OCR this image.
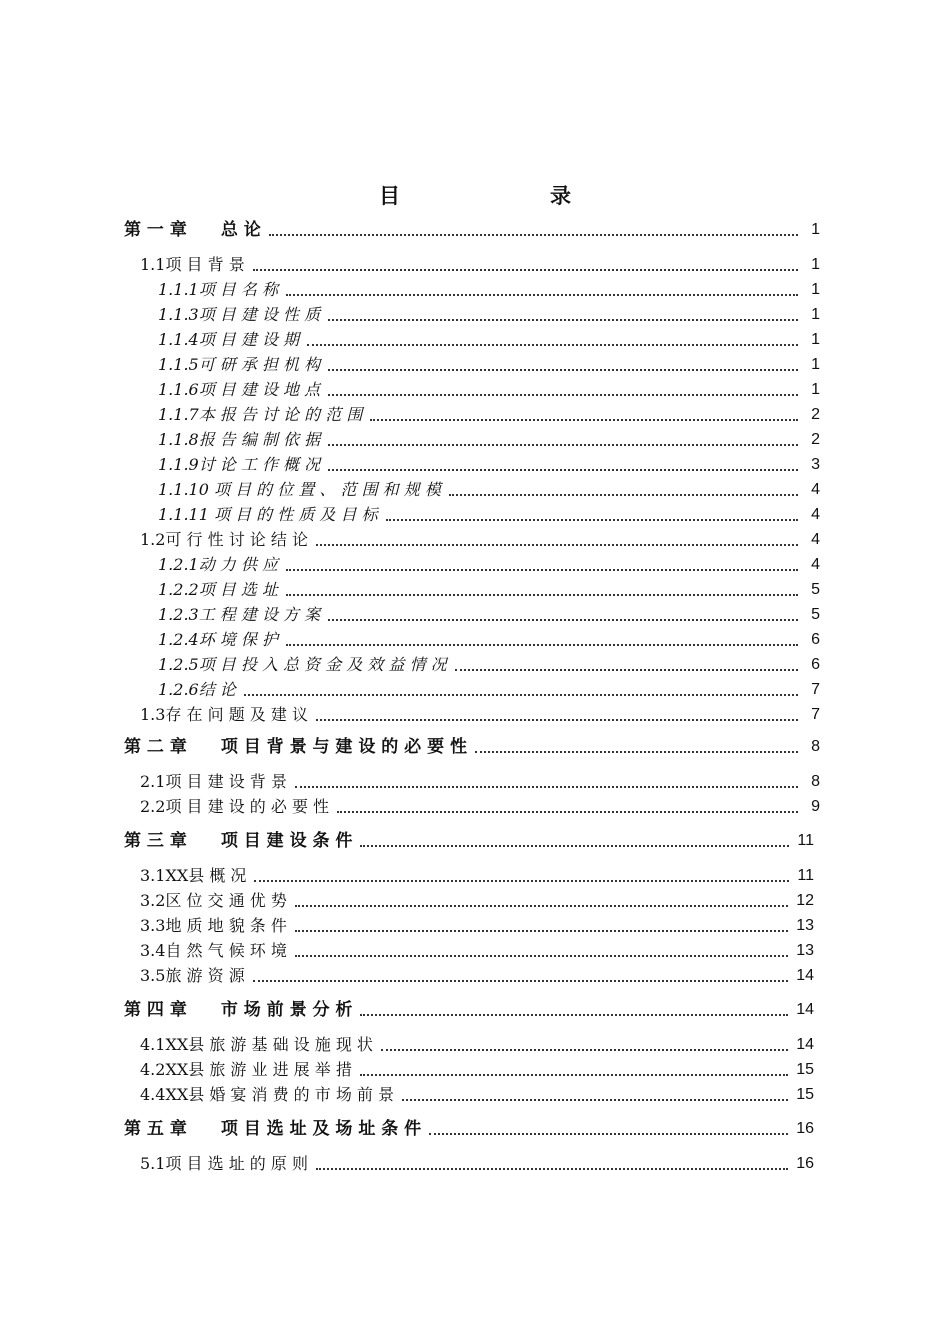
目　　录
第 一 章　　总 论	1
1.1项 目 背 景	1
1.1.1项 目 名 称	1
1.1.3项 目 建 设 性 质	1
1.1.4项 目 建 设 期	1
1.1.5可 研 承 担 机 构	1
1.1.6项 目 建 设 地 点	1
1.1.7本 报 告 讨 论 的 范 围	2
1.1.8报 告 编 制 依 据	2
1.1.9讨 论 工 作 概 况	3
1.1.10 项 目 的 位 置 、 范 围 和 规 模	4
1.1.11 项 目 的 性 质 及 目 标	4
1.2可 行 性 讨 论 结 论	4
1.2.1动 力 供 应	4
1.2.2项 目 选 址	5
1.2.3工 程 建 设 方 案	5
1.2.4环 境 保 护	6
1.2.5项 目 投 入 总 资 金 及 效 益 情 况	6
1.2.6结 论	7
1.3存 在 问 题 及 建 议	7
第 二 章　　项 目 背 景 与 建 设 的 必 要 性	8
2.1项 目 建 设 背 景	8
2.2项 目 建 设 的 必 要 性	9
第 三 章　　项 目 建 设 条 件	11
3.1XX县 概 况	11
3.2区 位 交 通 优 势	12
3.3地 质 地 貌 条 件	13
3.4自 然 气 候 环 境	13
3.5旅 游 资 源	14
第 四 章　　市 场 前 景 分 析	14
4.1XX县 旅 游 基 础 设 施 现 状	14
4.2XX县 旅 游 业 进 展 举 措	15
4.4XX县 婚 宴 消 费 的 市 场 前 景	15
第 五 章　　项 目 选 址 及 场 址 条 件	16
5.1项 目 选 址 的 原 则	16
